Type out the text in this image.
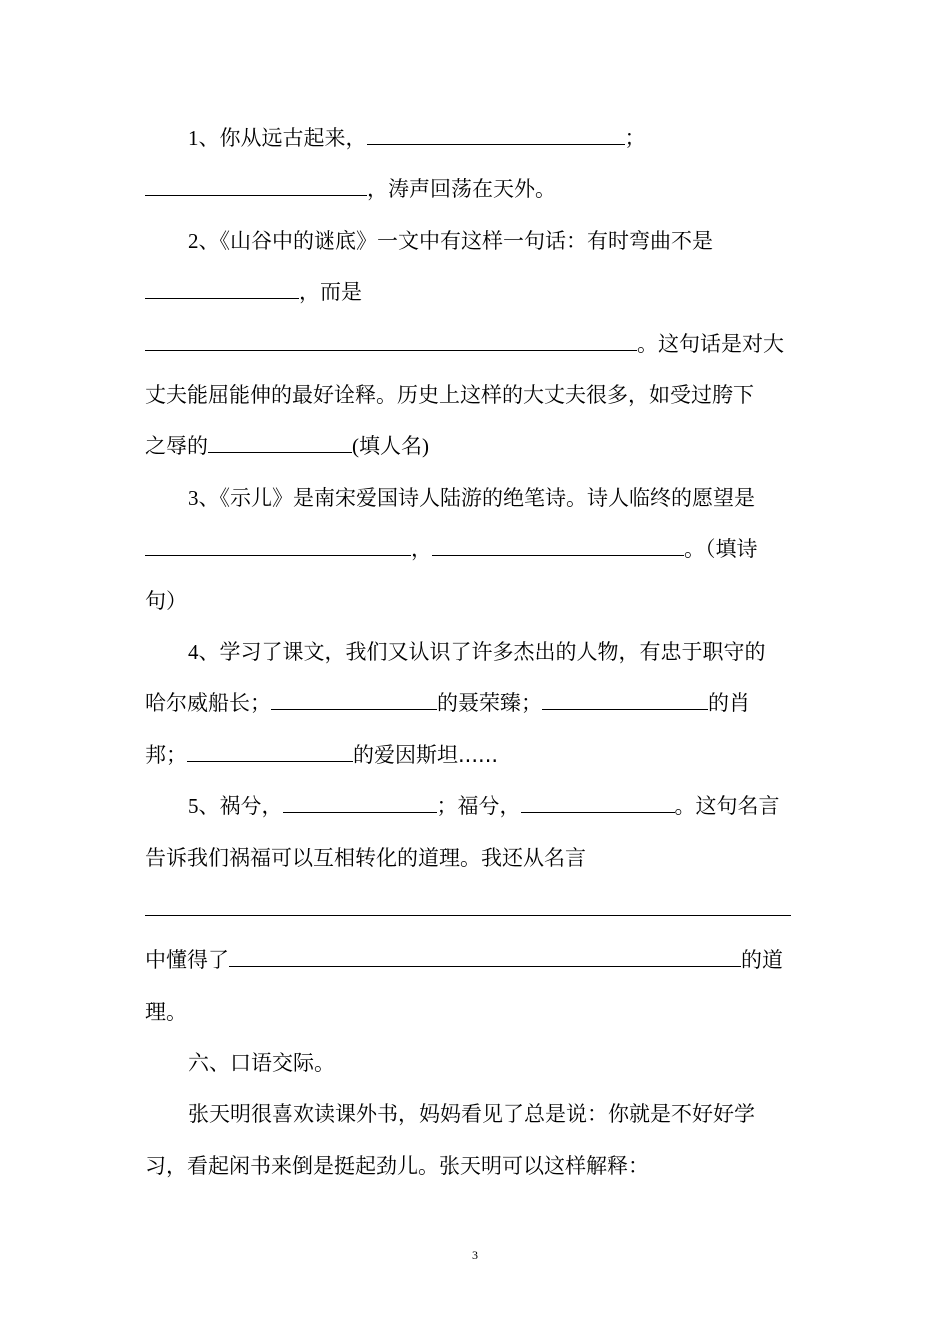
1、你从远古起来，	；
，涛声回荡在天外。
2、《山谷中的谜底》一文中有这样一句话：有时弯曲不是
，而是
。这句话是对大
丈夫能屈能伸的最好诠释。历史上这样的大丈夫很多，如受过胯下
之辱的	(填人名)
3、《示儿》是南宋爱国诗人陆游的绝笔诗。诗人临终的愿望是
，	。（填诗
句）
4、学习了课文，我们又认识了许多杰出的人物，有忠于职守的
哈尔威船长；	的聂荣臻；	的肖
邦；	的爱因斯坦......
5、祸兮，	；福兮，	。这句名言
告诉我们祸福可以互相转化的道理。我还从名言
中懂得了	的道
理。
六、口语交际。
张天明很喜欢读课外书，妈妈看见了总是说：你就是不好好学
习，看起闲书来倒是挺起劲儿。张天明可以这样解释：
3
